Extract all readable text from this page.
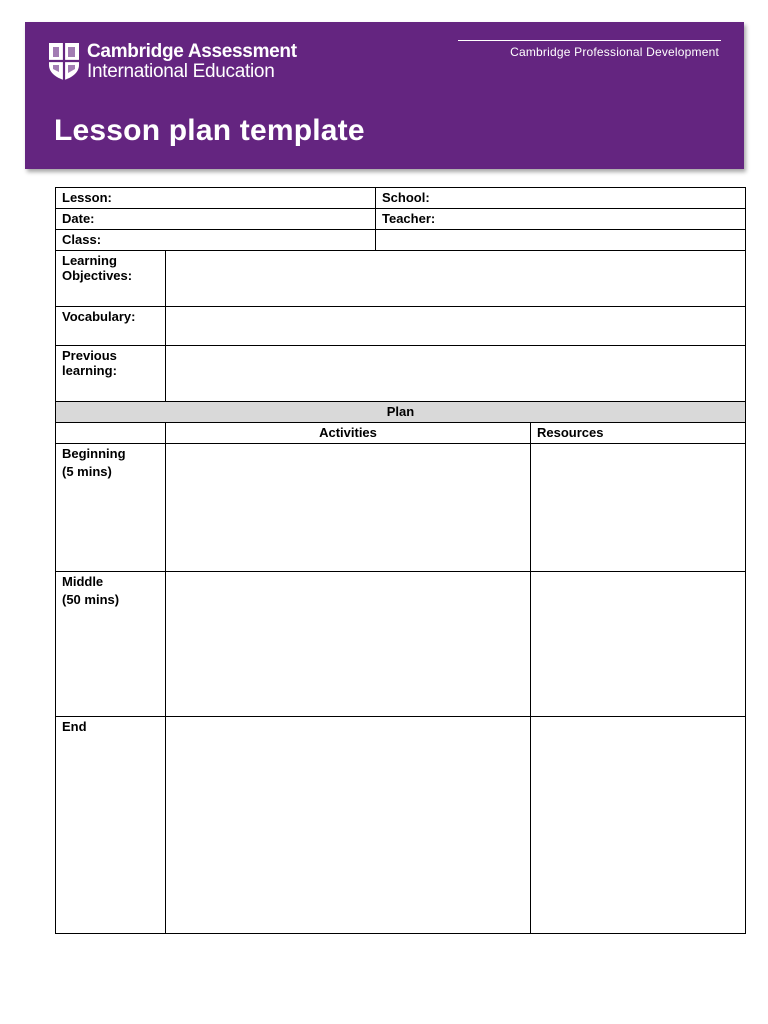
Cambridge Assessment
International Education
Cambridge Professional Development
Lesson plan template
Lesson:		School:	
Date:		Teacher:	
Class:			
Learning
Objectives:			
Vocabulary:			
Previous
learning:			
Plan			
	Activities		Resources
Beginning
(5 mins)			

Middle
(50 mins)			

End			
